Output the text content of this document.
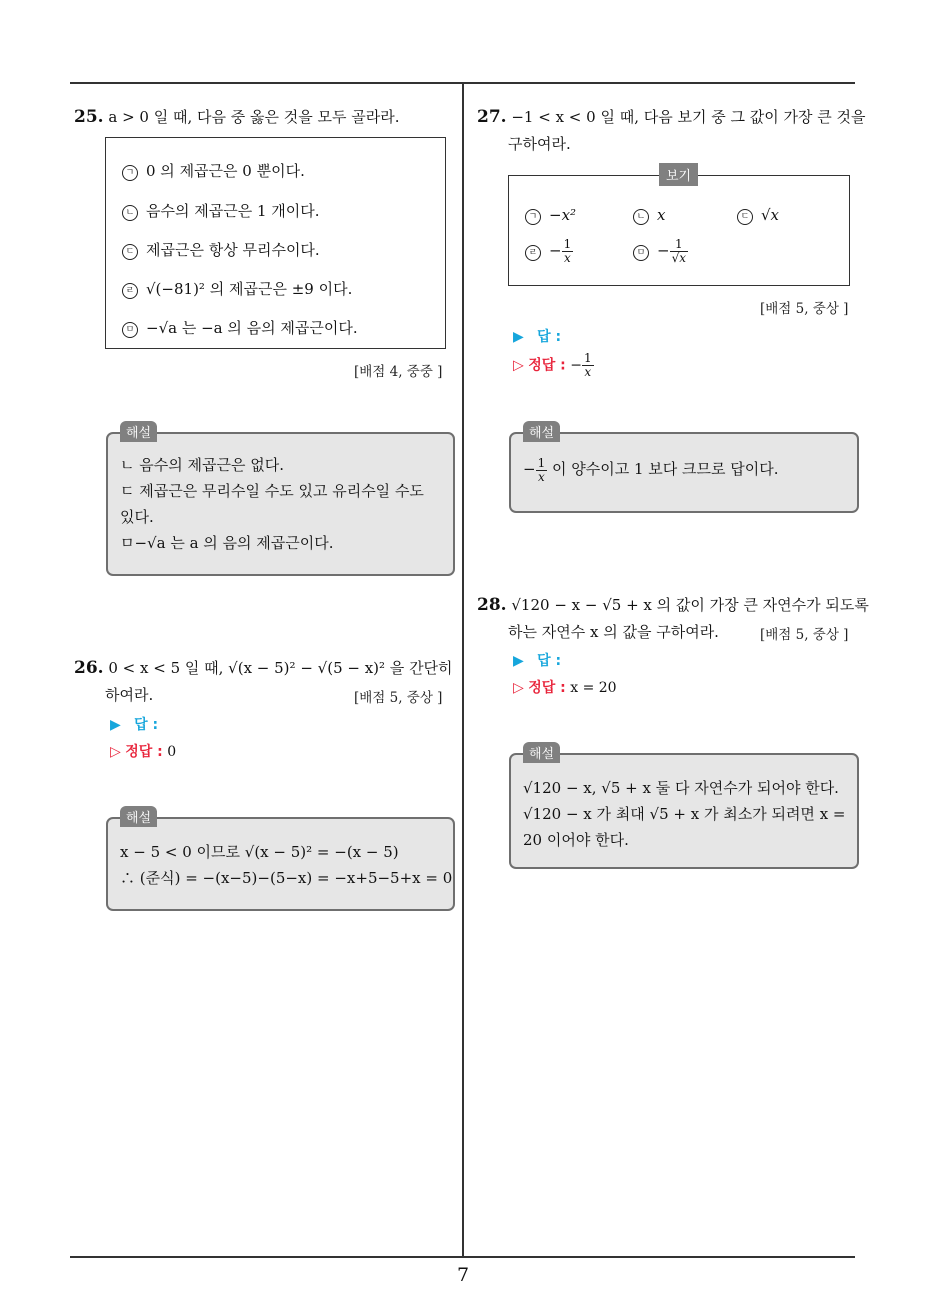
25. a > 0 일 때, 다음 중 옳은 것을 모두 골라라.
ㄱ 0 의 제곱근은 0 뿐이다.
ㄴ 음수의 제곱근은 1 개이다.
ㄷ 제곱근은 항상 무리수이다.
ㄹ √(−81)² 의 제곱근은 ±9 이다.
ㅁ −√a 는 −a 의 음의 제곱근이다.
[배점 4, 중중 ]
해설
ㄴ 음수의 제곱근은 없다.
ㄷ 제곱근은 무리수일 수도 있고 유리수일 수도
있다.
ㅁ−√a 는 a 의 음의 제곱근이다.
26. 0 < x < 5 일 때, √(x − 5)² − √(5 − x)² 을 간단히
하여라.	[배점 5, 중상 ]
▶ 답 :
▷ 정답 : 0
해설
x − 5 < 0 이므로 √(x − 5)² = −(x − 5)
∴ (준식) = −(x−5)−(5−x) = −x+5−5+x = 0
27. −1 < x < 0 일 때, 다음 보기 중 그 값이 가장 큰 것을
구하여라.
보기
ㄱ −x²	ㄴ x	ㄷ √x
ㄹ − $\frac{1}{x}$	ㅁ − $\frac{1}{√x}$
[배점 5, 중상 ]
▶ 답 :
▷ 정답 : − $\frac{1}{x}$
해설
− $\frac{1}{x}$ 이 양수이고 1 보다 크므로 답이다.
28. √120 − x − √5 + x 의 값이 가장 큰 자연수가 되도록
하는 자연수 x 의 값을 구하여라.	[배점 5, 중상 ]
▶ 답 :
▷ 정답 : x = 20
해설
√120 − x, √5 + x 둘 다 자연수가 되어야 한다.
√120 − x 가 최대 √5 + x 가 최소가 되려면 x =
20 이어야 한다.
7
